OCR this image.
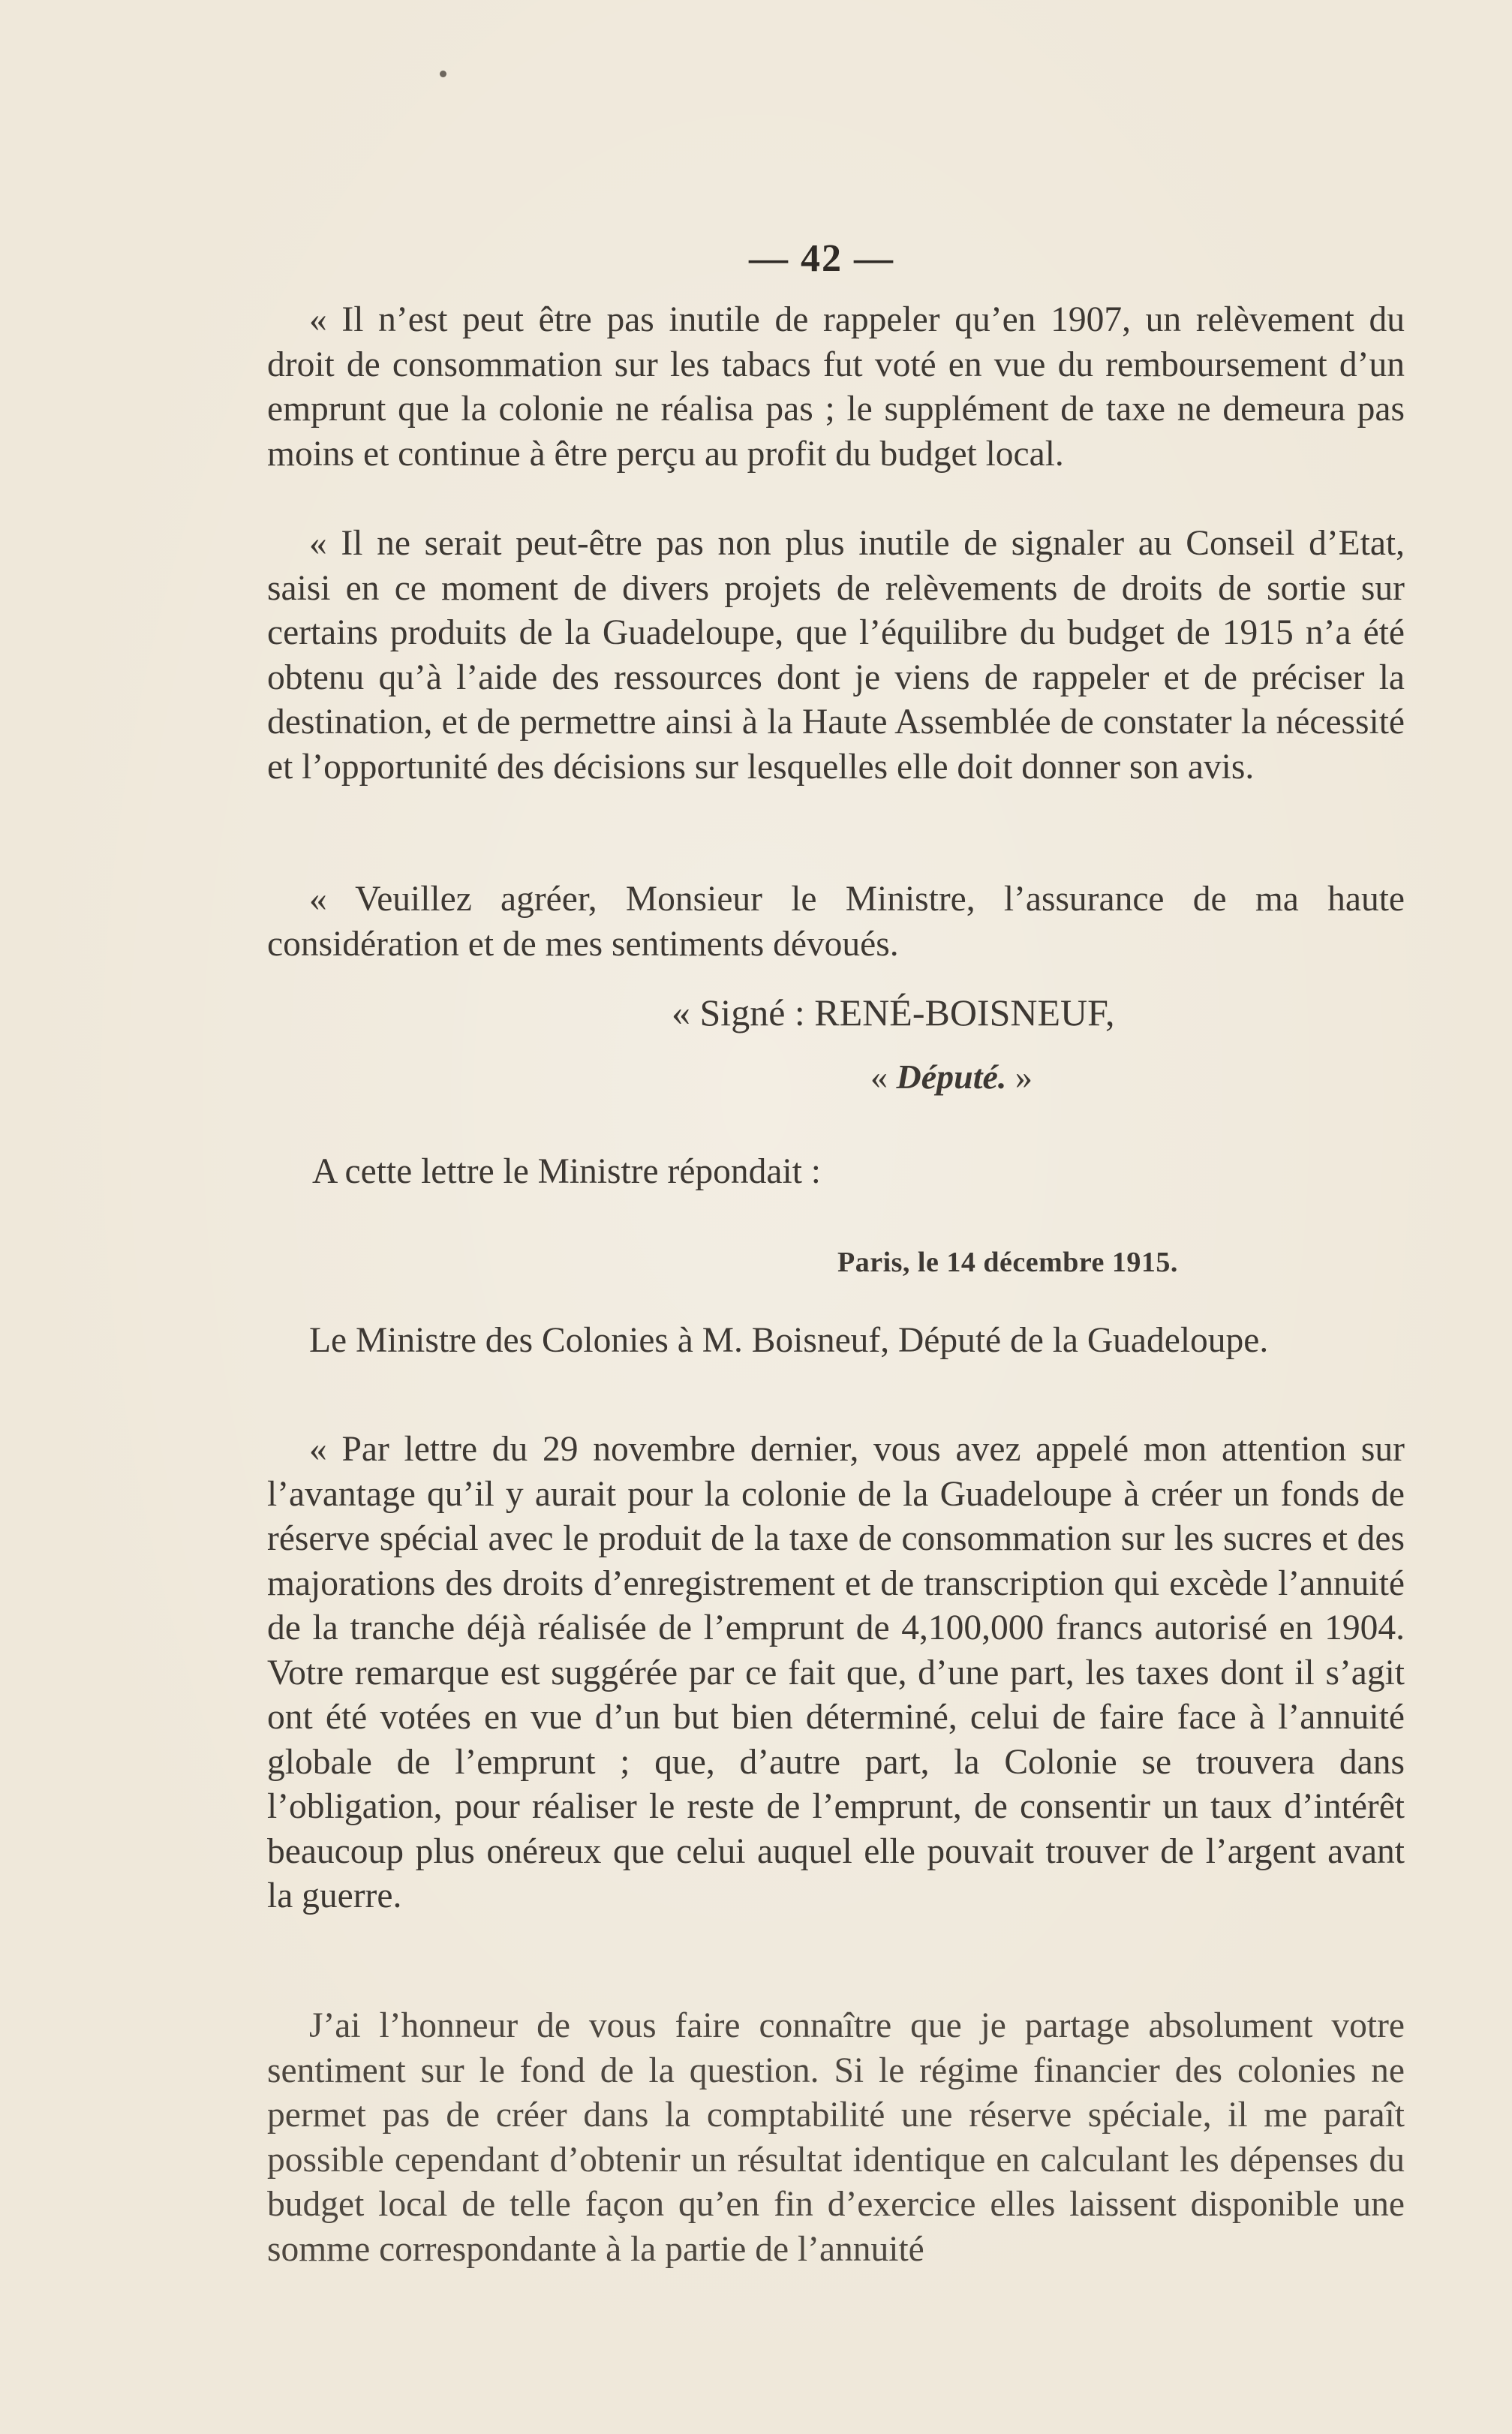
— 42 —

« Il n’est peut être pas inutile de rappeler qu’en 1907, un relèvement du droit de consommation sur les tabacs fut voté en vue du remboursement d’un emprunt que la colonie ne réalisa pas ; le supplément de taxe ne demeura pas moins et continue à être perçu au profit du budget local.

« Il ne serait peut-être pas non plus inutile de signaler au Conseil d’Etat, saisi en ce moment de divers projets de relèvements de droits de sortie sur certains produits de la Guadeloupe, que l’équilibre du budget de 1915 n’a été obtenu qu’à l’aide des ressources dont je viens de rappeler et de préciser la destination, et de permettre ainsi à la Haute Assemblée de constater la nécessité et l’opportunité des décisions sur lesquelles elle doit donner son avis.

« Veuillez agréer, Monsieur le Ministre, l’assurance de ma haute considération et de mes sentiments dévoués.

« Signé : RENÉ-BOISNEUF,
« Député. »
A cette lettre le Ministre répondait :
Paris, le 14 décembre 1915.

Le Ministre des Colonies à M. Boisneuf, Député de la Guadeloupe.

« Par lettre du 29 novembre dernier, vous avez appelé mon attention sur l’avantage qu’il y aurait pour la colonie de la Guadeloupe à créer un fonds de réserve spécial avec le produit de la taxe de consommation sur les sucres et des majorations des droits d’enregistrement et de transcription qui excède l’annuité de la tranche déjà réalisée de l’emprunt de 4,100,000 francs autorisé en 1904. Votre remarque est suggérée par ce fait que, d’une part, les taxes dont il s’agit ont été votées en vue d’un but bien déterminé, celui de faire face à l’annuité globale de l’emprunt ; que, d’autre part, la Colonie se trouvera dans l’obligation, pour réaliser le reste de l’emprunt, de consentir un taux d’intérêt beaucoup plus onéreux que celui auquel elle pouvait trouver de l’argent avant la guerre.

J’ai l’honneur de vous faire connaître que je partage absolument votre sentiment sur le fond de la question. Si le régime financier des colonies ne permet pas de créer dans la comptabilité une réserve spéciale, il me paraît possible cependant d’obtenir un résultat identique en calculant les dépenses du budget local de telle façon qu’en fin d’exercice elles laissent disponible une somme correspondante à la partie de l’annuité
